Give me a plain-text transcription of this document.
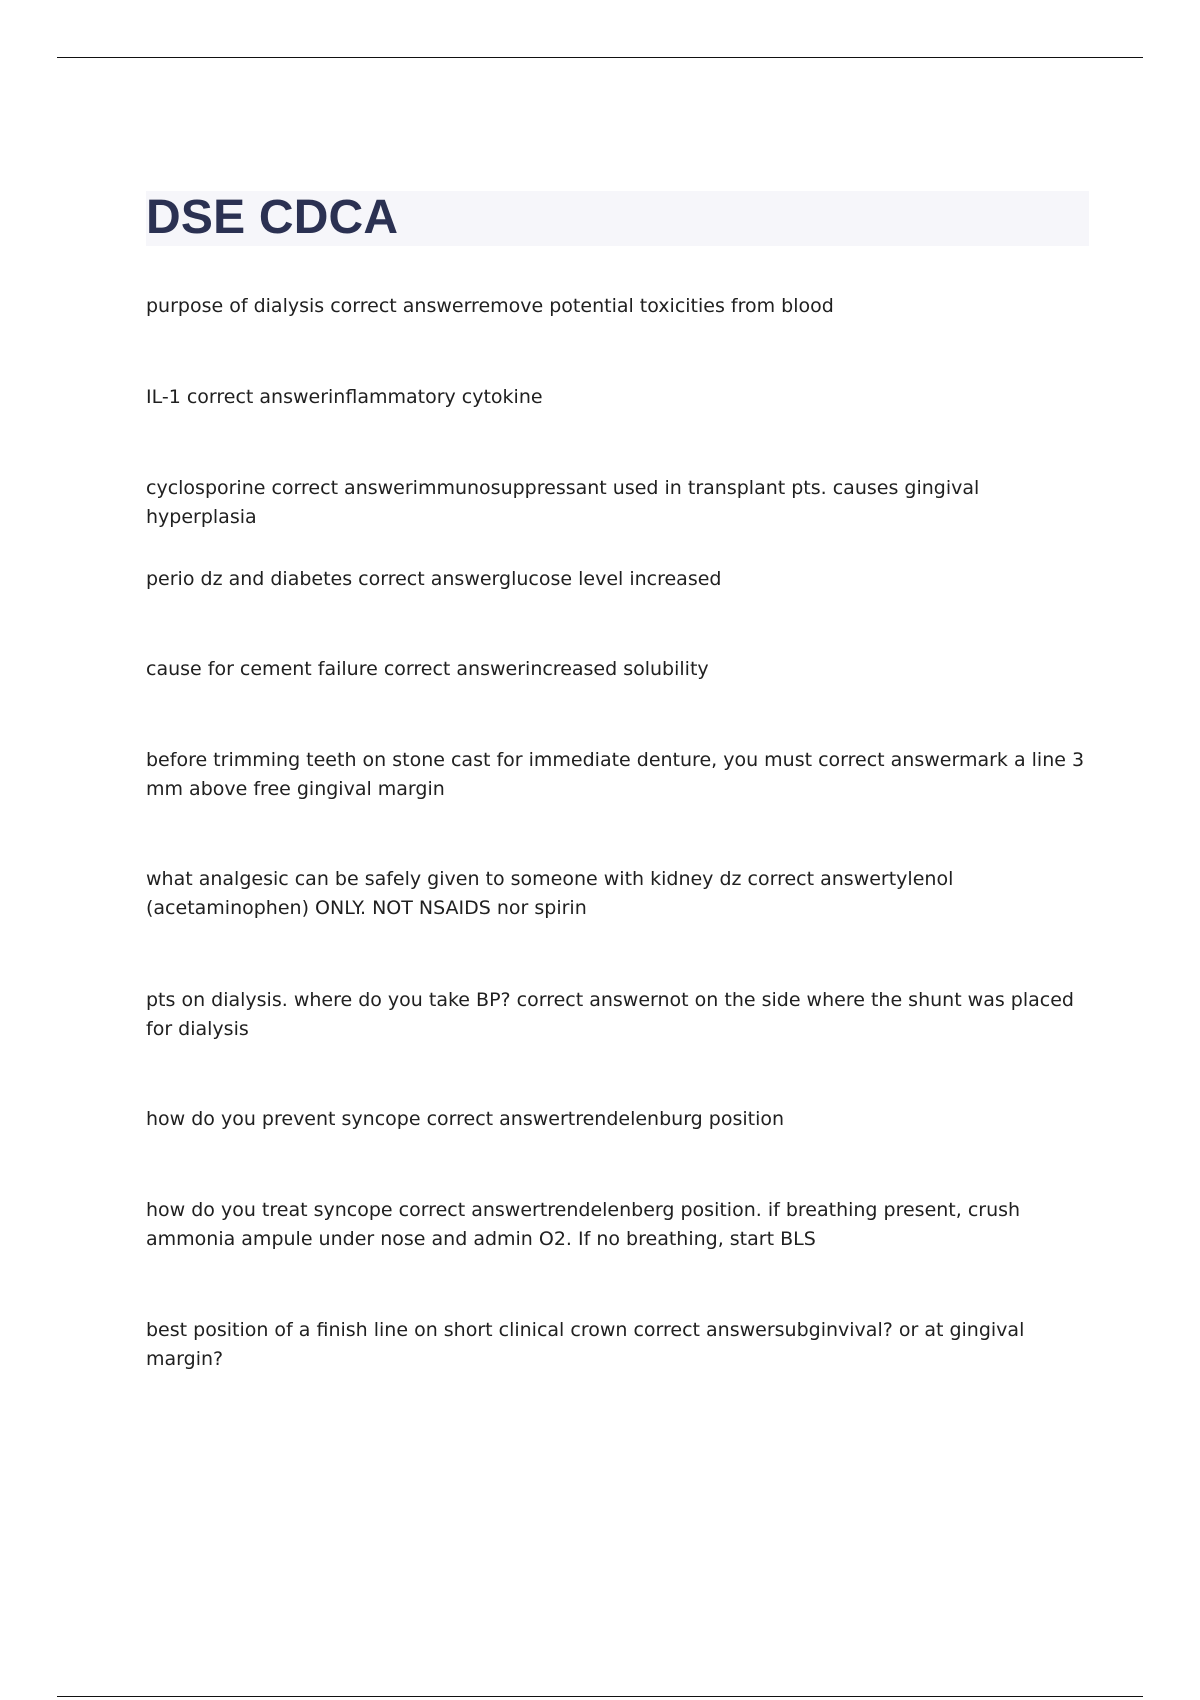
DSE CDCA

purpose of dialysis correct answerremove potential toxicities from blood

IL-1 correct answerinflammatory cytokine

cyclosporine correct answerimmunosuppressant used in transplant pts. causes gingival hyperplasia

perio dz and diabetes correct answerglucose level increased

cause for cement failure correct answerincreased solubility

before trimming teeth on stone cast for immediate denture, you must correct answermark a line 3 mm above free gingival margin

what analgesic can be safely given to someone with kidney dz correct answertylenol (acetaminophen) ONLY. NOT NSAIDS nor spirin

pts on dialysis. where do you take BP? correct answernot on the side where the shunt was placed for dialysis

how do you prevent syncope correct answertrendelenburg position

how do you treat syncope correct answertrendelenberg position. if breathing present, crush ammonia ampule under nose and admin O2. If no breathing, start BLS

best position of a finish line on short clinical crown correct answersubginvival? or at gingival margin?
